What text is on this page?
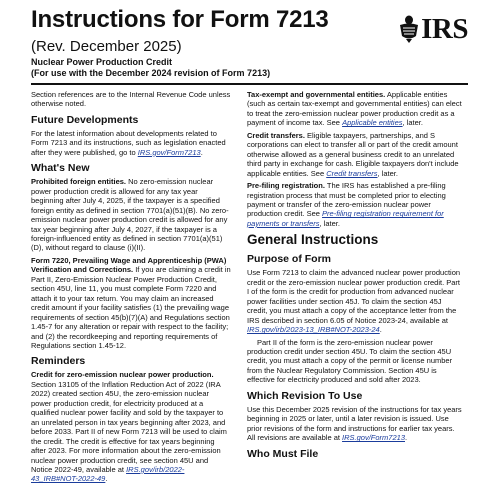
Instructions for Form 7213
(Rev. December 2025)
Nuclear Power Production Credit
(For use with the December 2024 revision of Form 7213)
IRS

Section references are to the Internal Revenue Code unless otherwise noted.

Future Developments

For the latest information about developments related to Form 7213 and its instructions, such as legislation enacted after they were published, go to IRS.gov/Form7213.

What's New

Prohibited foreign entities. No zero-emission nuclear power production credit is allowed for any tax year beginning after July 4, 2025, if the taxpayer is a specified foreign entity as defined in section 7701(a)(51)(B). No zero-emission nuclear power production credit is allowed for any tax year beginning after July 4, 2027, if the taxpayer is a foreign-influenced entity as defined in section 7701(a)(51)(D), without regard to clause (i)(II).

Form 7220, Prevailing Wage and Apprenticeship (PWA) Verification and Corrections. If you are claiming a credit in Part II, Zero-Emission Nuclear Power Production Credit, section 45U, line 11, you must complete Form 7220 and attach it to your tax return. You may claim an increased credit amount if your facility satisfies (1) the prevailing wage requirements of section 45(b)(7)(A) and Regulations section 1.45-7 for any alteration or repair with respect to the facility; and (2) the recordkeeping and reporting requirements of Regulations section 1.45-12.

Reminders

Credit for zero-emission nuclear power production. Section 13105 of the Inflation Reduction Act of 2022 (IRA 2022) created section 45U, the zero-emission nuclear power production credit, for electricity produced at a qualified nuclear power facility and sold by the taxpayer to an unrelated person in tax years beginning after 2023, and before 2033. Part II of new Form 7213 will be used to claim the credit. The credit is effective for tax years beginning after 2023. For more information about the zero-emission nuclear power production credit, see section 45U and Notice 2022-49, available at IRS.gov/irb/2022-43_IRB#NOT-2022-49.

Tax-exempt and governmental entities. Applicable entities (such as certain tax-exempt and governmental entities) can elect to treat the zero-emission nuclear power production credit as a payment of income tax. See Applicable entities, later.

Credit transfers. Eligible taxpayers, partnerships, and S corporations can elect to transfer all or part of the credit amount otherwise allowed as a general business credit to an unrelated third party in exchange for cash. Eligible taxpayers don't include applicable entities. See Credit transfers, later.

Pre-filing registration. The IRS has established a pre-filing registration process that must be completed prior to electing payment or transfer of the zero-emission nuclear power production credit. See Pre-filing registration requirement for payments or transfers, later.

General Instructions
Purpose of Form

Use Form 7213 to claim the advanced nuclear power production credit or the zero-emission nuclear power production credit. Part I of the form is the credit for production from advanced nuclear power facilities under section 45J. To claim the section 45J credit, you must attach a copy of the acceptance letter from the IRS described in section 6.05 of Notice 2023-24, available at IRS.gov/irb/2023-13_IRB#NOT-2023-24.

Part II of the form is the zero-emission nuclear power production credit under section 45U. To claim the section 45U credit, you must attach a copy of the permit or license number from the Nuclear Regulatory Commission. Section 45U is effective for electricity produced and sold after 2023.

Which Revision To Use

Use this December 2025 revision of the instructions for tax years beginning in 2025 or later, until a later revision is issued. Use prior revisions of the form and instructions for earlier tax years. All revisions are available at IRS.gov/Form7213.

Who Must File
